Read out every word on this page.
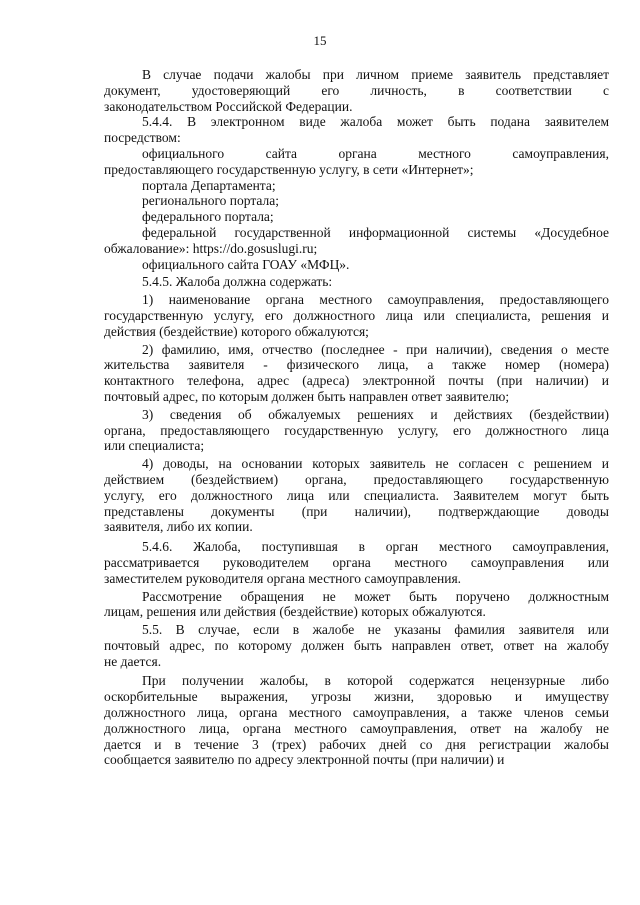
15
В случае подачи жалобы при личном приеме заявитель представляет
документ, удостоверяющий его личность, в соответствии с
законодательством Российской Федерации.
5.4.4. В электронном виде жалоба может быть подана заявителем
посредством:
официального сайта органа местного самоуправления,
предоставляющего государственную услугу, в сети «Интернет»;
портала Департамента;
регионального портала;
федерального портала;
федеральной государственной информационной системы «Досудебное
обжалование»: https://do.gosuslugi.ru;
официального сайта ГОАУ «МФЦ».
5.4.5. Жалоба должна содержать:
1) наименование органа местного самоуправления, предоставляющего
государственную услугу, его должностного лица или специалиста, решения и
действия (бездействие) которого обжалуются;
2) фамилию, имя, отчество (последнее - при наличии), сведения о месте
жительства заявителя - физического лица, а также номер (номера)
контактного телефона, адрес (адреса) электронной почты (при наличии) и
почтовый адрес, по которым должен быть направлен ответ заявителю;
3) сведения об обжалуемых решениях и действиях (бездействии)
органа, предоставляющего государственную услугу, его должностного лица
или специалиста;
4) доводы, на основании которых заявитель не согласен с решением и
действием (бездействием) органа, предоставляющего государственную
услугу, его должностного лица или специалиста. Заявителем могут быть
представлены документы (при наличии), подтверждающие доводы
заявителя, либо их копии.
5.4.6. Жалоба, поступившая в орган местного самоуправления,
рассматривается руководителем органа местного самоуправления или
заместителем руководителя органа местного самоуправления.
Рассмотрение обращения не может быть поручено должностным
лицам, решения или действия (бездействие) которых обжалуются.
5.5. В случае, если в жалобе не указаны фамилия заявителя или
почтовый адрес, по которому должен быть направлен ответ, ответ на жалобу
не дается.
При получении жалобы, в которой содержатся нецензурные либо
оскорбительные выражения, угрозы жизни, здоровью и имуществу
должностного лица, органа местного самоуправления, а также членов семьи
должностного лица, органа местного самоуправления, ответ на жалобу не
дается и в течение 3 (трех) рабочих дней со дня регистрации жалобы
сообщается заявителю по адресу электронной почты (при наличии) и
